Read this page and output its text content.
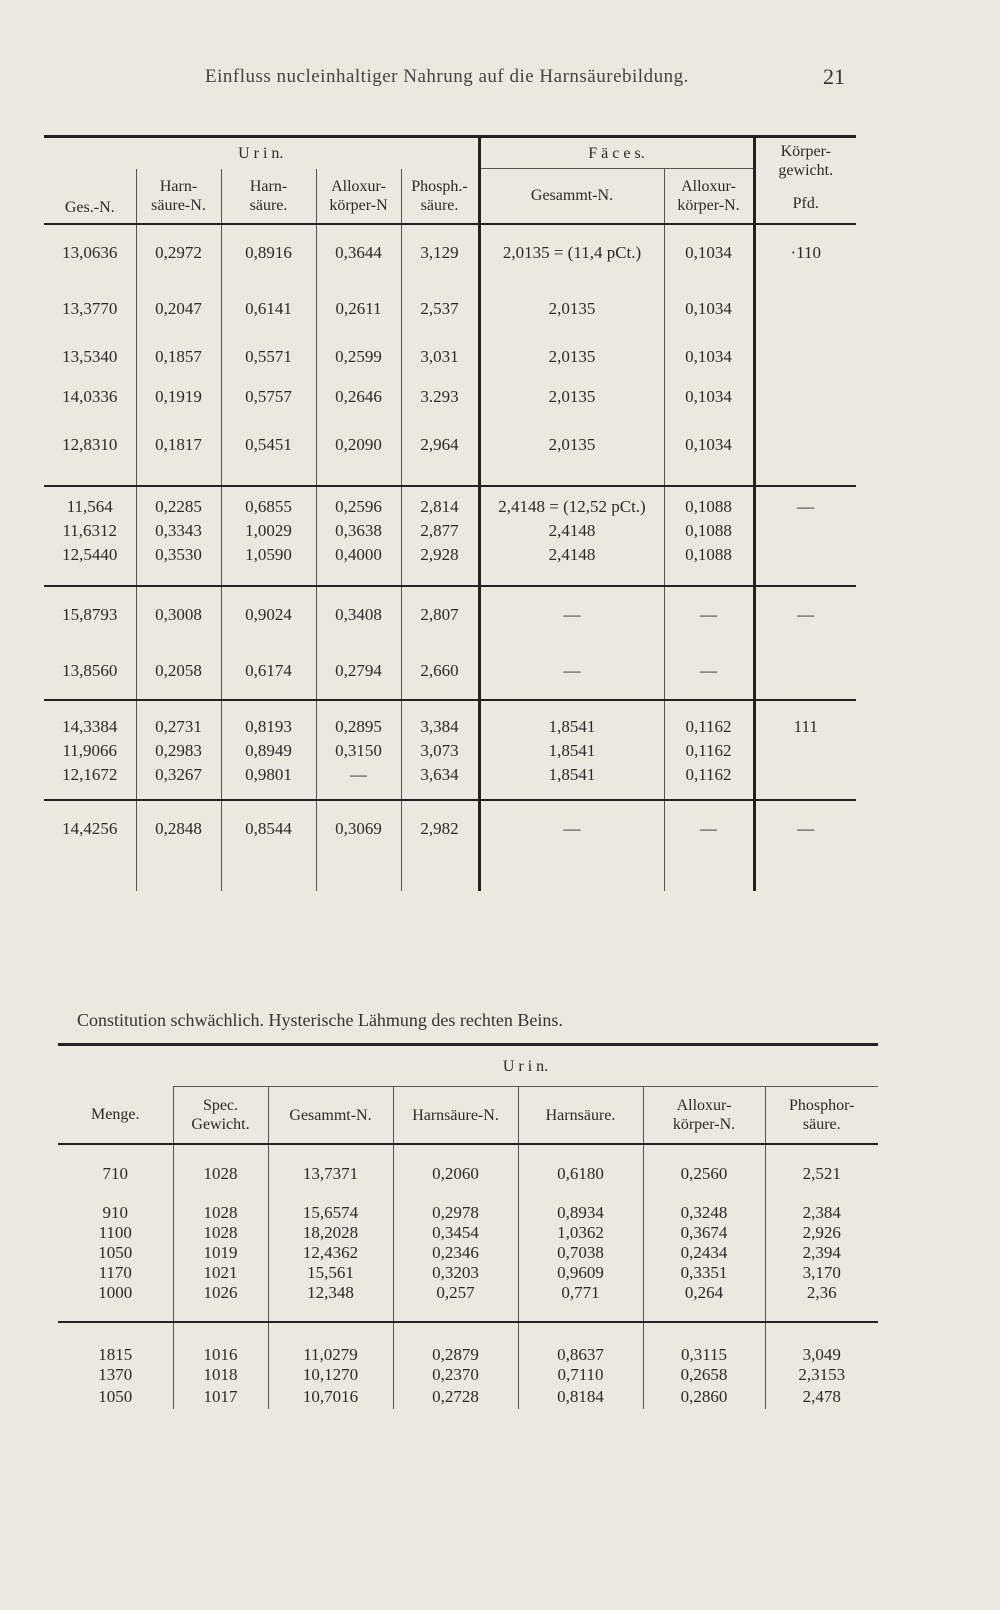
Einfluss nucleinhaltiger Nahrung auf die Harnsäurebildung.	21

U r i n.					F ä c e s.		Körper-gewicht.
Pfd.

Ges.-N.	Harn-säure-N.	Harn-säure.	Alloxur-körper-N	Phosph.-säure.	Gesammt-N.	Alloxur-körper-N.	

13,0636	0,2972	0,8916	0,3644	3,129	2,0135 = (11,4 pCt.)	0,1034	·110
13,3770	0,2047	0,6141	0,2611	2,537	2,0135	0,1034	
13,5340	0,1857	0,5571	0,2599	3,031	2,0135	0,1034	
14,0336	0,1919	0,5757	0,2646	3.293	2,0135	0,1034	
12,8310	0,1817	0,5451	0,2090	2,964	2,0135	0,1034	

11,564	0,2285	0,6855	0,2596	2,814	2,4148 = (12,52 pCt.)	0,1088	—
11,6312	0,3343	1,0029	0,3638	2,877	2,4148	0,1088	
12,5440	0,3530	1,0590	0,4000	2,928	2,4148	0,1088	

15,8793	0,3008	0,9024	0,3408	2,807	—	—	—
13,8560	0,2058	0,6174	0,2794	2,660	—	—	
14,3384	0,2731	0,8193	0,2895	3,384	1,8541	0,1162	111
11,9066	0,2983	0,8949	0,3150	3,073	1,8541	0,1162	
12,1672	0,3267	0,9801	—	3,634	1,8541	0,1162	

14,4256	0,2848	0,8544	0,3069	2,982	—	—	—
Constitution schwächlich. Hysterische Lähmung des rechten Beins.

	U r i n.					
Menge.	Spec. Gewicht.	Gesammt-N.	Harnsäure-N.	Harnsäure.	Alloxur-körper-N.	Phosphor-säure.

710	1028	13,7371	0,2060	0,6180	0,2560	2,521
910	1028	15,6574	0,2978	0,8934	0,3248	2,384
1100	1028	18,2028	0,3454	1,0362	0,3674	2,926
1050	1019	12,4362	0,2346	0,7038	0,2434	2,394
1170	1021	15,561	0,3203	0,9609	0,3351	3,170
1000	1026	12,348	0,257	0,771	0,264	2,36

1815	1016	11,0279	0,2879	0,8637	0,3115	3,049
1370	1018	10,1270	0,2370	0,7110	0,2658	2,3153
1050	1017	10,7016	0,2728	0,8184	0,2860	2,478
